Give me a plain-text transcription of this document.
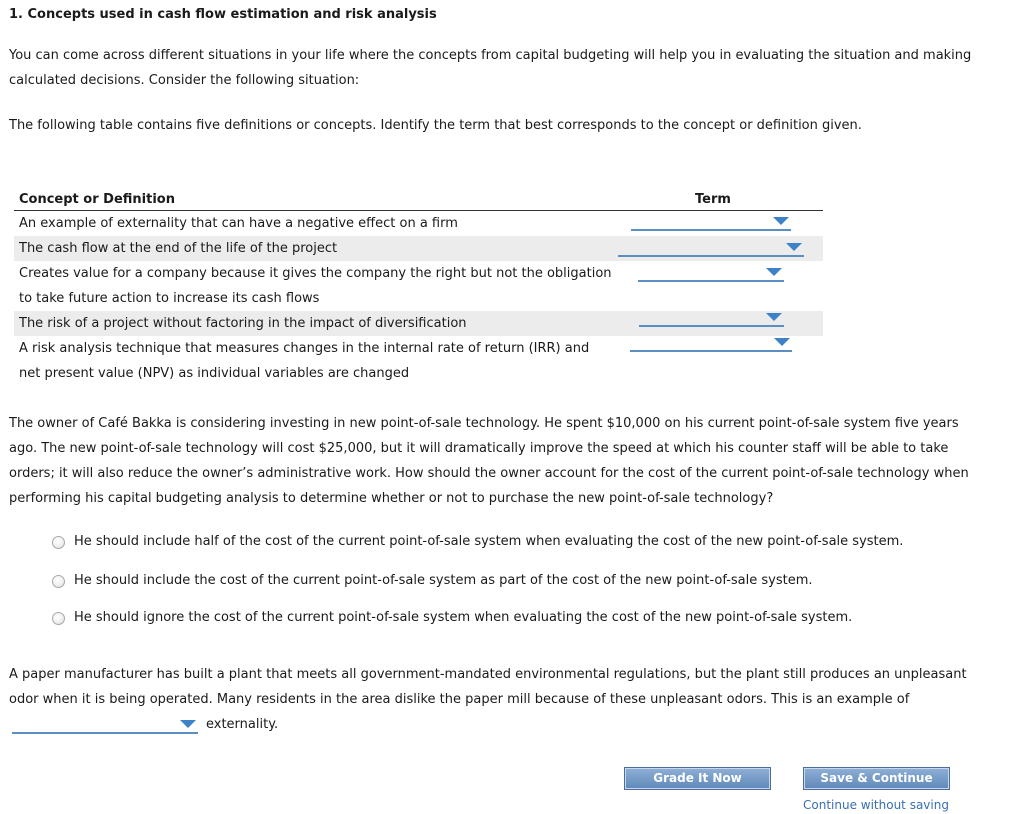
1. Concepts used in cash flow estimation and risk analysis
You can come across different situations in your life where the concepts from capital budgeting will help you in evaluating the situation and making
calculated decisions. Consider the following situation:
The following table contains five definitions or concepts. Identify the term that best corresponds to the concept or definition given.
Concept or Definition	Term
An example of externality that can have a negative effect on a firm
The cash flow at the end of the life of the project
Creates value for a company because it gives the company the right but not the obligation
to take future action to increase its cash flows
The risk of a project without factoring in the impact of diversification
A risk analysis technique that measures changes in the internal rate of return (IRR) and
net present value (NPV) as individual variables are changed
The owner of Café Bakka is considering investing in new point-of-sale technology. He spent $10,000 on his current point-of-sale system five years
ago. The new point-of-sale technology will cost $25,000, but it will dramatically improve the speed at which his counter staff will be able to take
orders; it will also reduce the owner’s administrative work. How should the owner account for the cost of the current point-of-sale technology when
performing his capital budgeting analysis to determine whether or not to purchase the new point-of-sale technology?
He should include half of the cost of the current point-of-sale system when evaluating the cost of the new point-of-sale system.
He should include the cost of the current point-of-sale system as part of the cost of the new point-of-sale system.
He should ignore the cost of the current point-of-sale system when evaluating the cost of the new point-of-sale system.
A paper manufacturer has built a plant that meets all government-mandated environmental regulations, but the plant still produces an unpleasant
odor when it is being operated. Many residents in the area dislike the paper mill because of these unpleasant odors. This is an example of
externality.
Grade It Now	Save & Continue
Continue without saving
